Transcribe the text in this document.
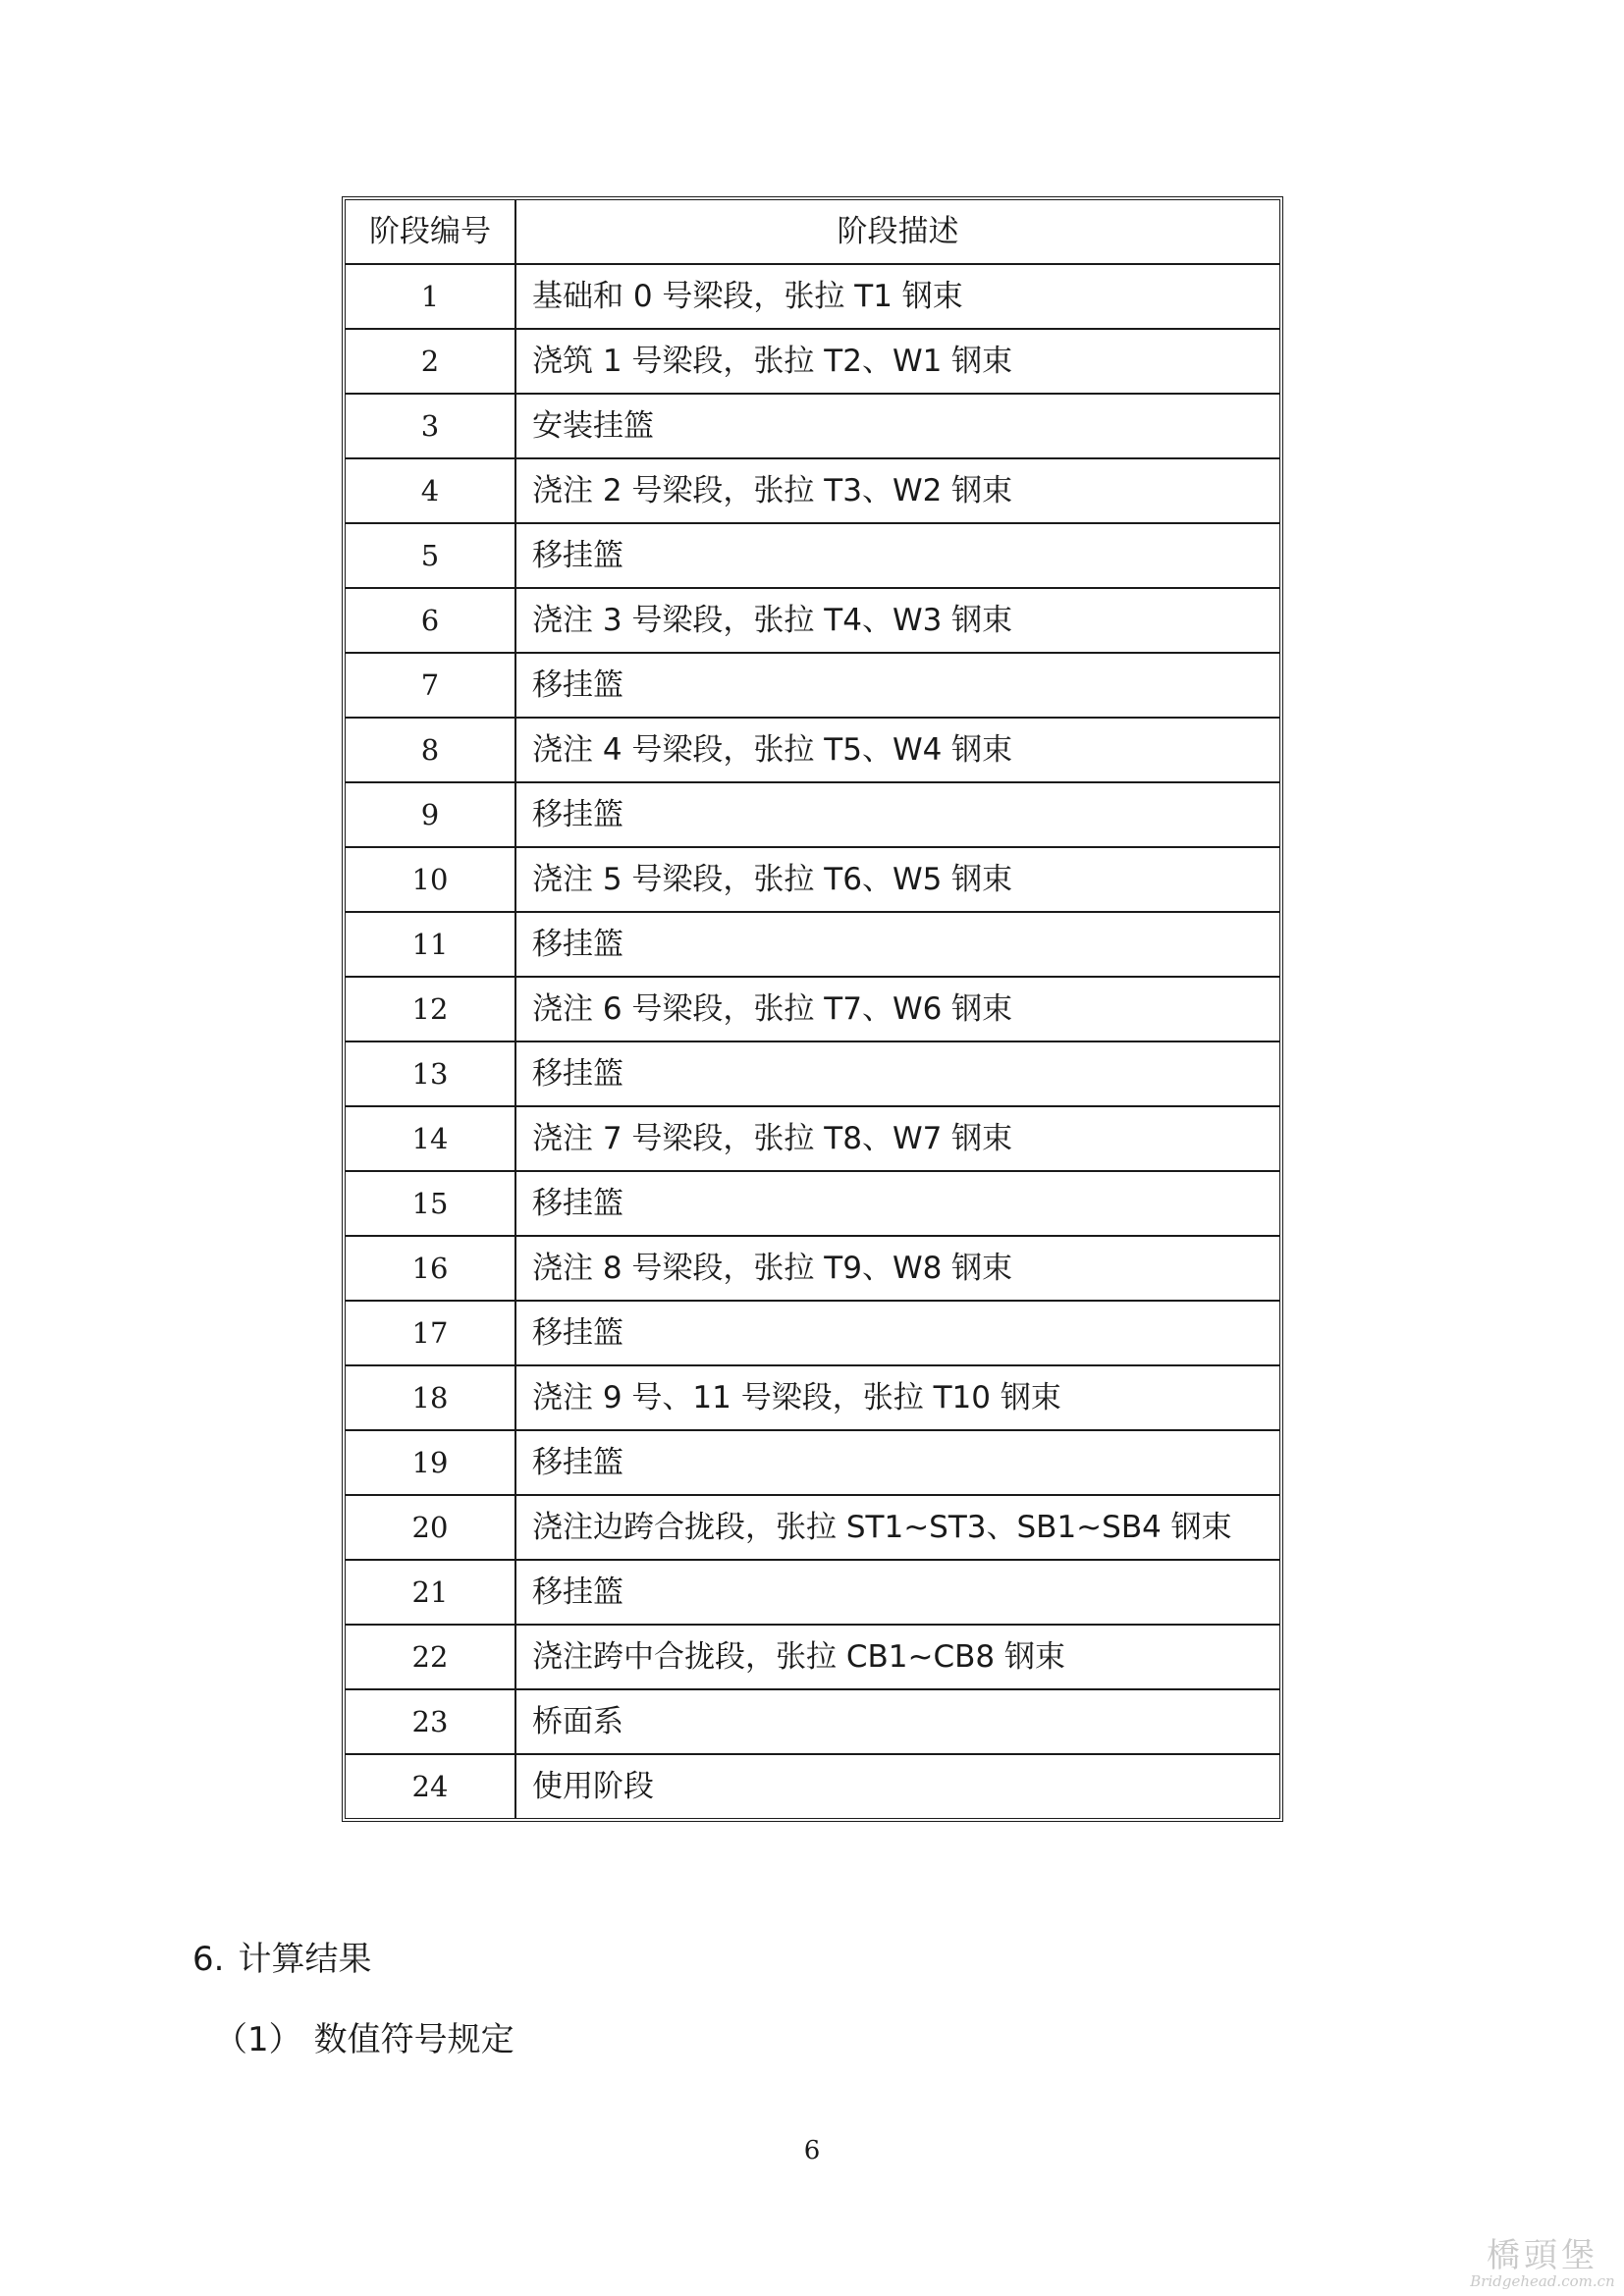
阶段编号	阶段描述
1	基础和 0 号梁段，张拉 T1 钢束
2	浇筑 1 号梁段，张拉 T2、W1 钢束
3	安装挂篮
4	浇注 2 号梁段，张拉 T3、W2 钢束
5	移挂篮
6	浇注 3 号梁段，张拉 T4、W3 钢束
7	移挂篮
8	浇注 4 号梁段，张拉 T5、W4 钢束
9	移挂篮
10	浇注 5 号梁段，张拉 T6、W5 钢束
11	移挂篮
12	浇注 6 号梁段，张拉 T7、W6 钢束
13	移挂篮
14	浇注 7 号梁段，张拉 T8、W7 钢束
15	移挂篮
16	浇注 8 号梁段，张拉 T9、W8 钢束
17	移挂篮
18	浇注 9 号、11 号梁段，张拉 T10 钢束
19	移挂篮
20	浇注边跨合拢段，张拉 ST1~ST3、SB1~SB4 钢束
21	移挂篮
22	浇注跨中合拢段，张拉 CB1~CB8 钢束
23	桥面系
24	使用阶段
6. 计算结果
（1） 数值符号规定
6
橋頭堡
Bridgehead.com.cn
